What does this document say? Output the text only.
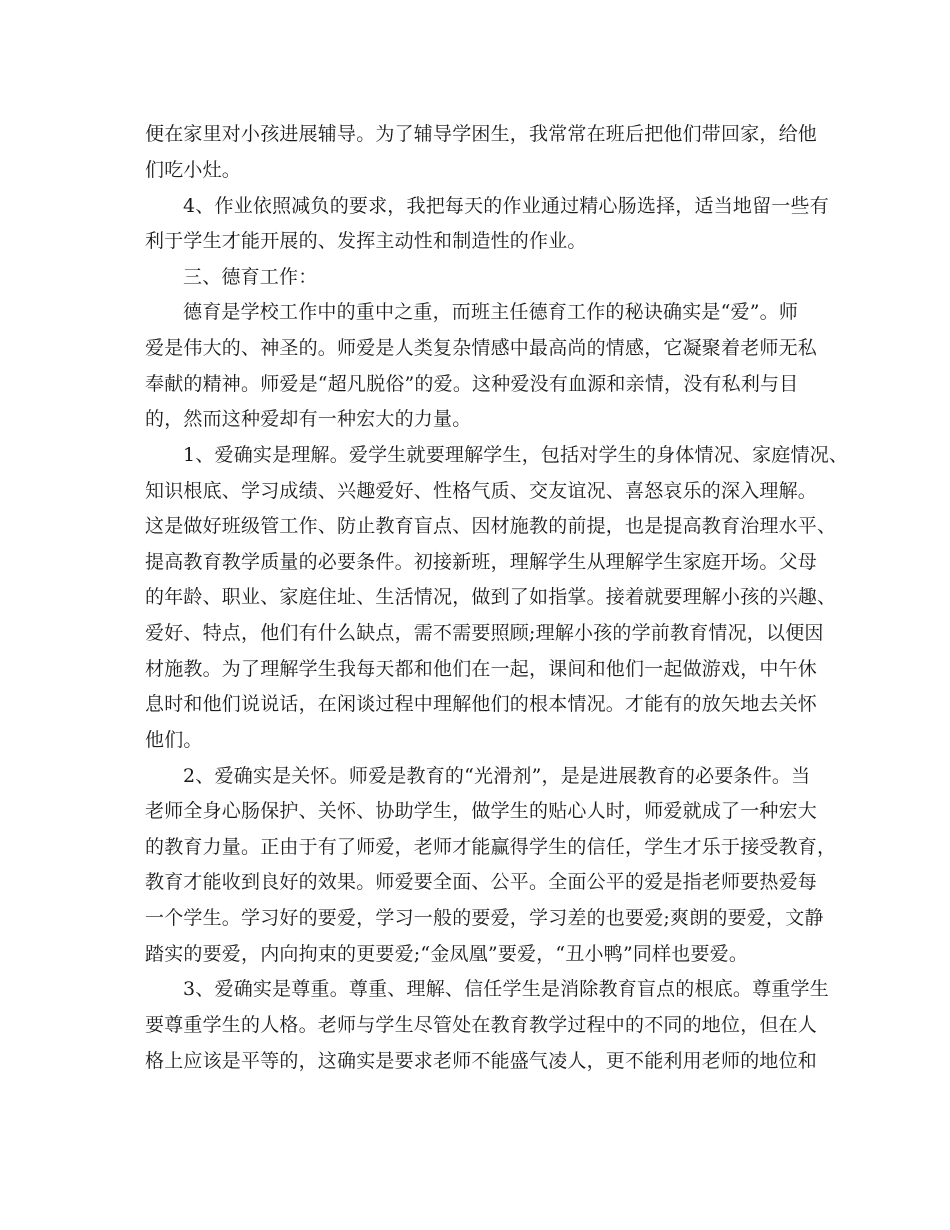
便在家里对小孩进展辅导。为了辅导学困生，我常常在班后把他们带回家，给他
们吃小灶。
4、作业依照减负的要求，我把每天的作业通过精心肠选择，适当地留一些有
利于学生才能开展的、发挥主动性和制造性的作业。
三、德育工作：
德育是学校工作中的重中之重，而班主任德育工作的秘诀确实是“爱”。师
爱是伟大的、神圣的。师爱是人类复杂情感中最高尚的情感，它凝聚着老师无私
奉献的精神。师爱是“超凡脱俗”的爱。这种爱没有血源和亲情，没有私利与目
的，然而这种爱却有一种宏大的力量。
1、爱确实是理解。爱学生就要理解学生，包括对学生的身体情况、家庭情况、
知识根底、学习成绩、兴趣爱好、性格气质、交友谊况、喜怒哀乐的深入理解。
这是做好班级管工作、防止教育盲点、因材施教的前提，也是提高教育治理水平、
提高教育教学质量的必要条件。初接新班，理解学生从理解学生家庭开场。父母
的年龄、职业、家庭住址、生活情况，做到了如指掌。接着就要理解小孩的兴趣、
爱好、特点，他们有什么缺点，需不需要照顾;理解小孩的学前教育情况，以便因
材施教。为了理解学生我每天都和他们在一起，课间和他们一起做游戏，中午休
息时和他们说说话，在闲谈过程中理解他们的根本情况。才能有的放矢地去关怀
他们。
2、爱确实是关怀。师爱是教育的“光滑剂”，是是进展教育的必要条件。当
老师全身心肠保护、关怀、协助学生，做学生的贴心人时，师爱就成了一种宏大
的教育力量。正由于有了师爱，老师才能赢得学生的信任，学生才乐于接受教育，
教育才能收到良好的效果。师爱要全面、公平。全面公平的爱是指老师要热爱每
一个学生。学习好的要爱，学习一般的要爱，学习差的也要爱;爽朗的要爱，文静
踏实的要爱，内向拘束的更要爱;“金凤凰”要爱，“丑小鸭”同样也要爱。
3、爱确实是尊重。尊重、理解、信任学生是消除教育盲点的根底。尊重学生
要尊重学生的人格。老师与学生尽管处在教育教学过程中的不同的地位，但在人
格上应该是平等的，这确实是要求老师不能盛气凌人，更不能利用老师的地位和
